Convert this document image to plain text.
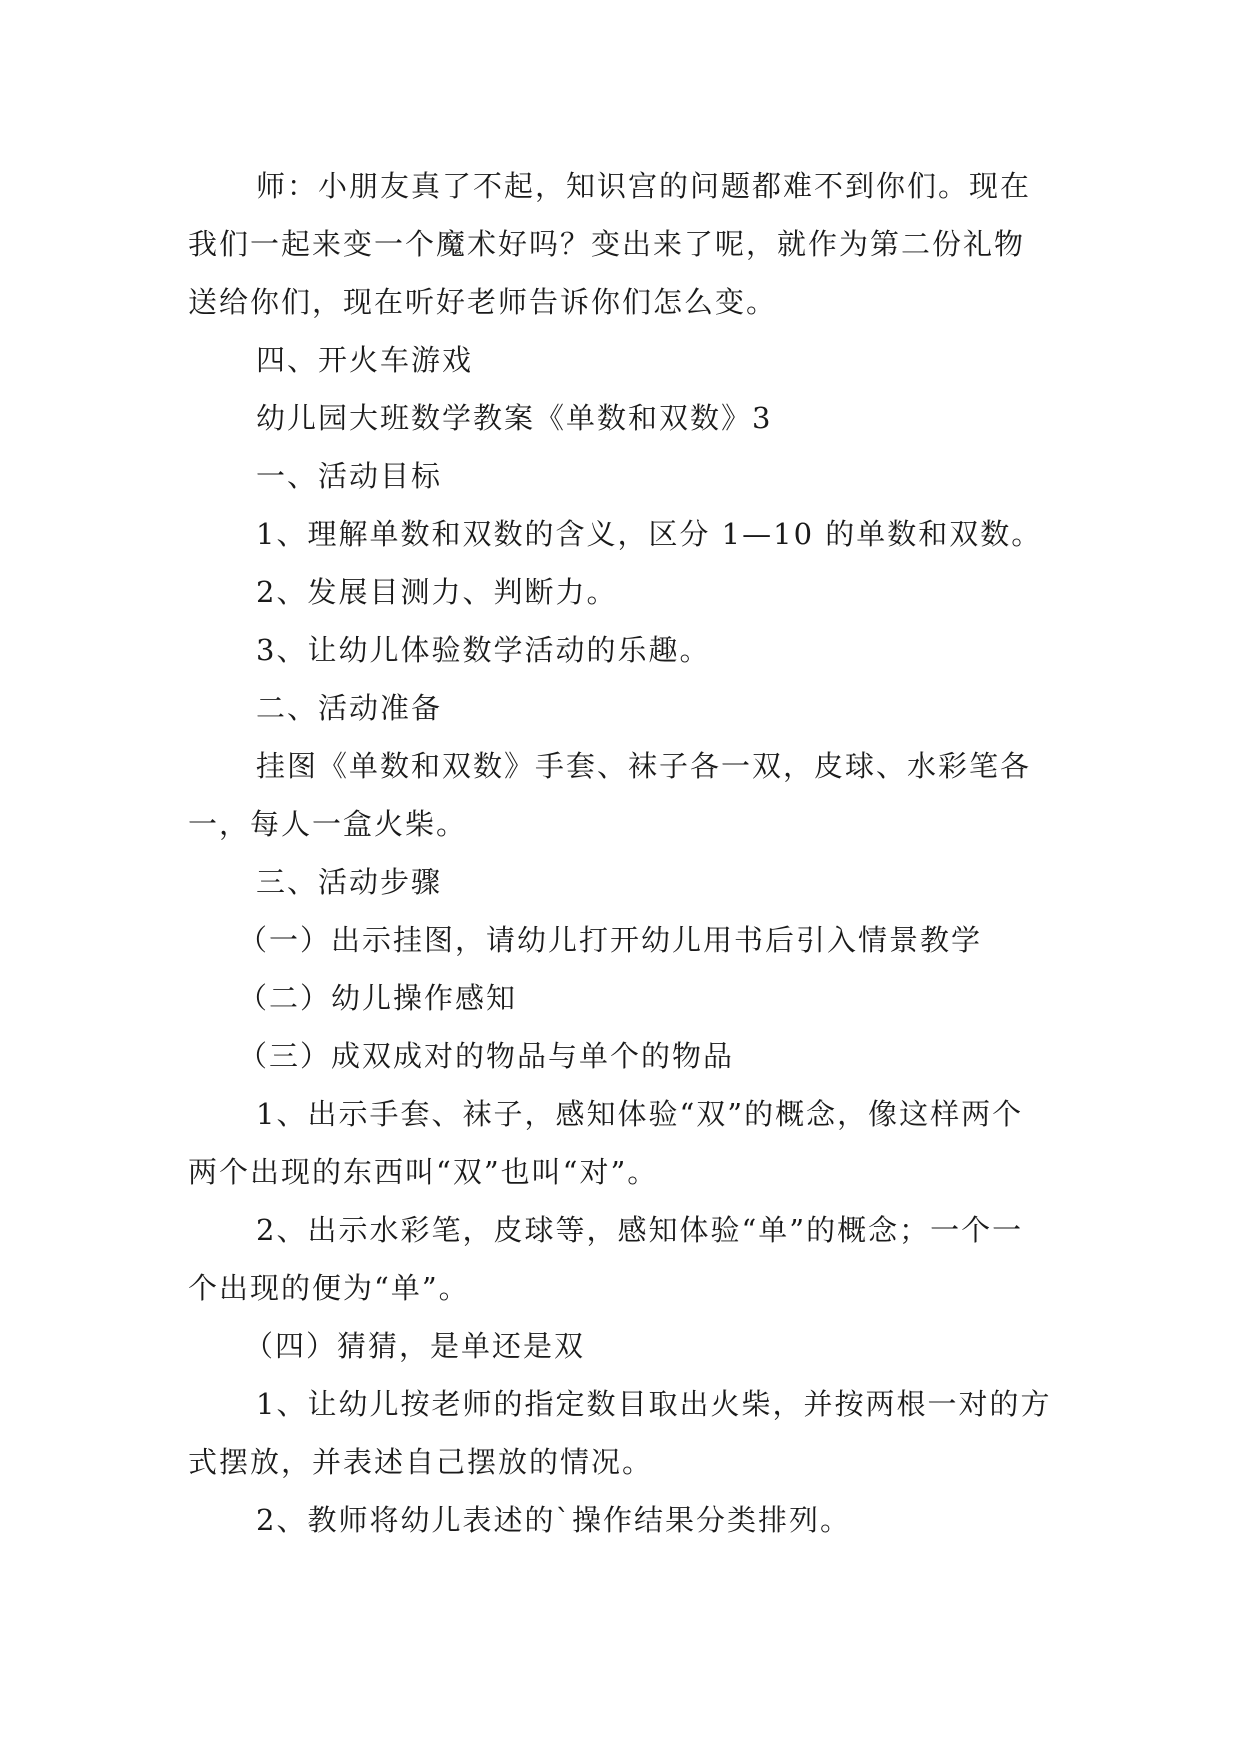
师：小朋友真了不起，知识宫的问题都难不到你们。现在我们一起来变一个魔术好吗？变出来了呢，就作为第二份礼物送给你们，现在听好老师告诉你们怎么变。

四、开火车游戏

幼儿园大班数学教案《单数和双数》3

一、活动目标

1、理解单数和双数的含义，区分 1—10 的单数和双数。

2、发展目测力、判断力。

3、让幼儿体验数学活动的乐趣。

二、活动准备

挂图《单数和双数》手套、袜子各一双，皮球、水彩笔各一，每人一盒火柴。

三、活动步骤

（一）出示挂图，请幼儿打开幼儿用书后引入情景教学

（二）幼儿操作感知

（三）成双成对的物品与单个的物品

1、出示手套、袜子，感知体验“双”的概念，像这样两个两个出现的东西叫“双”也叫“对”。

2、出示水彩笔，皮球等，感知体验“单”的概念；一个一个出现的便为“单”。

（四）猜猜，是单还是双

1、让幼儿按老师的指定数目取出火柴，并按两根一对的方式摆放，并表述自己摆放的情况。

2、教师将幼儿表述的`操作结果分类排列。
